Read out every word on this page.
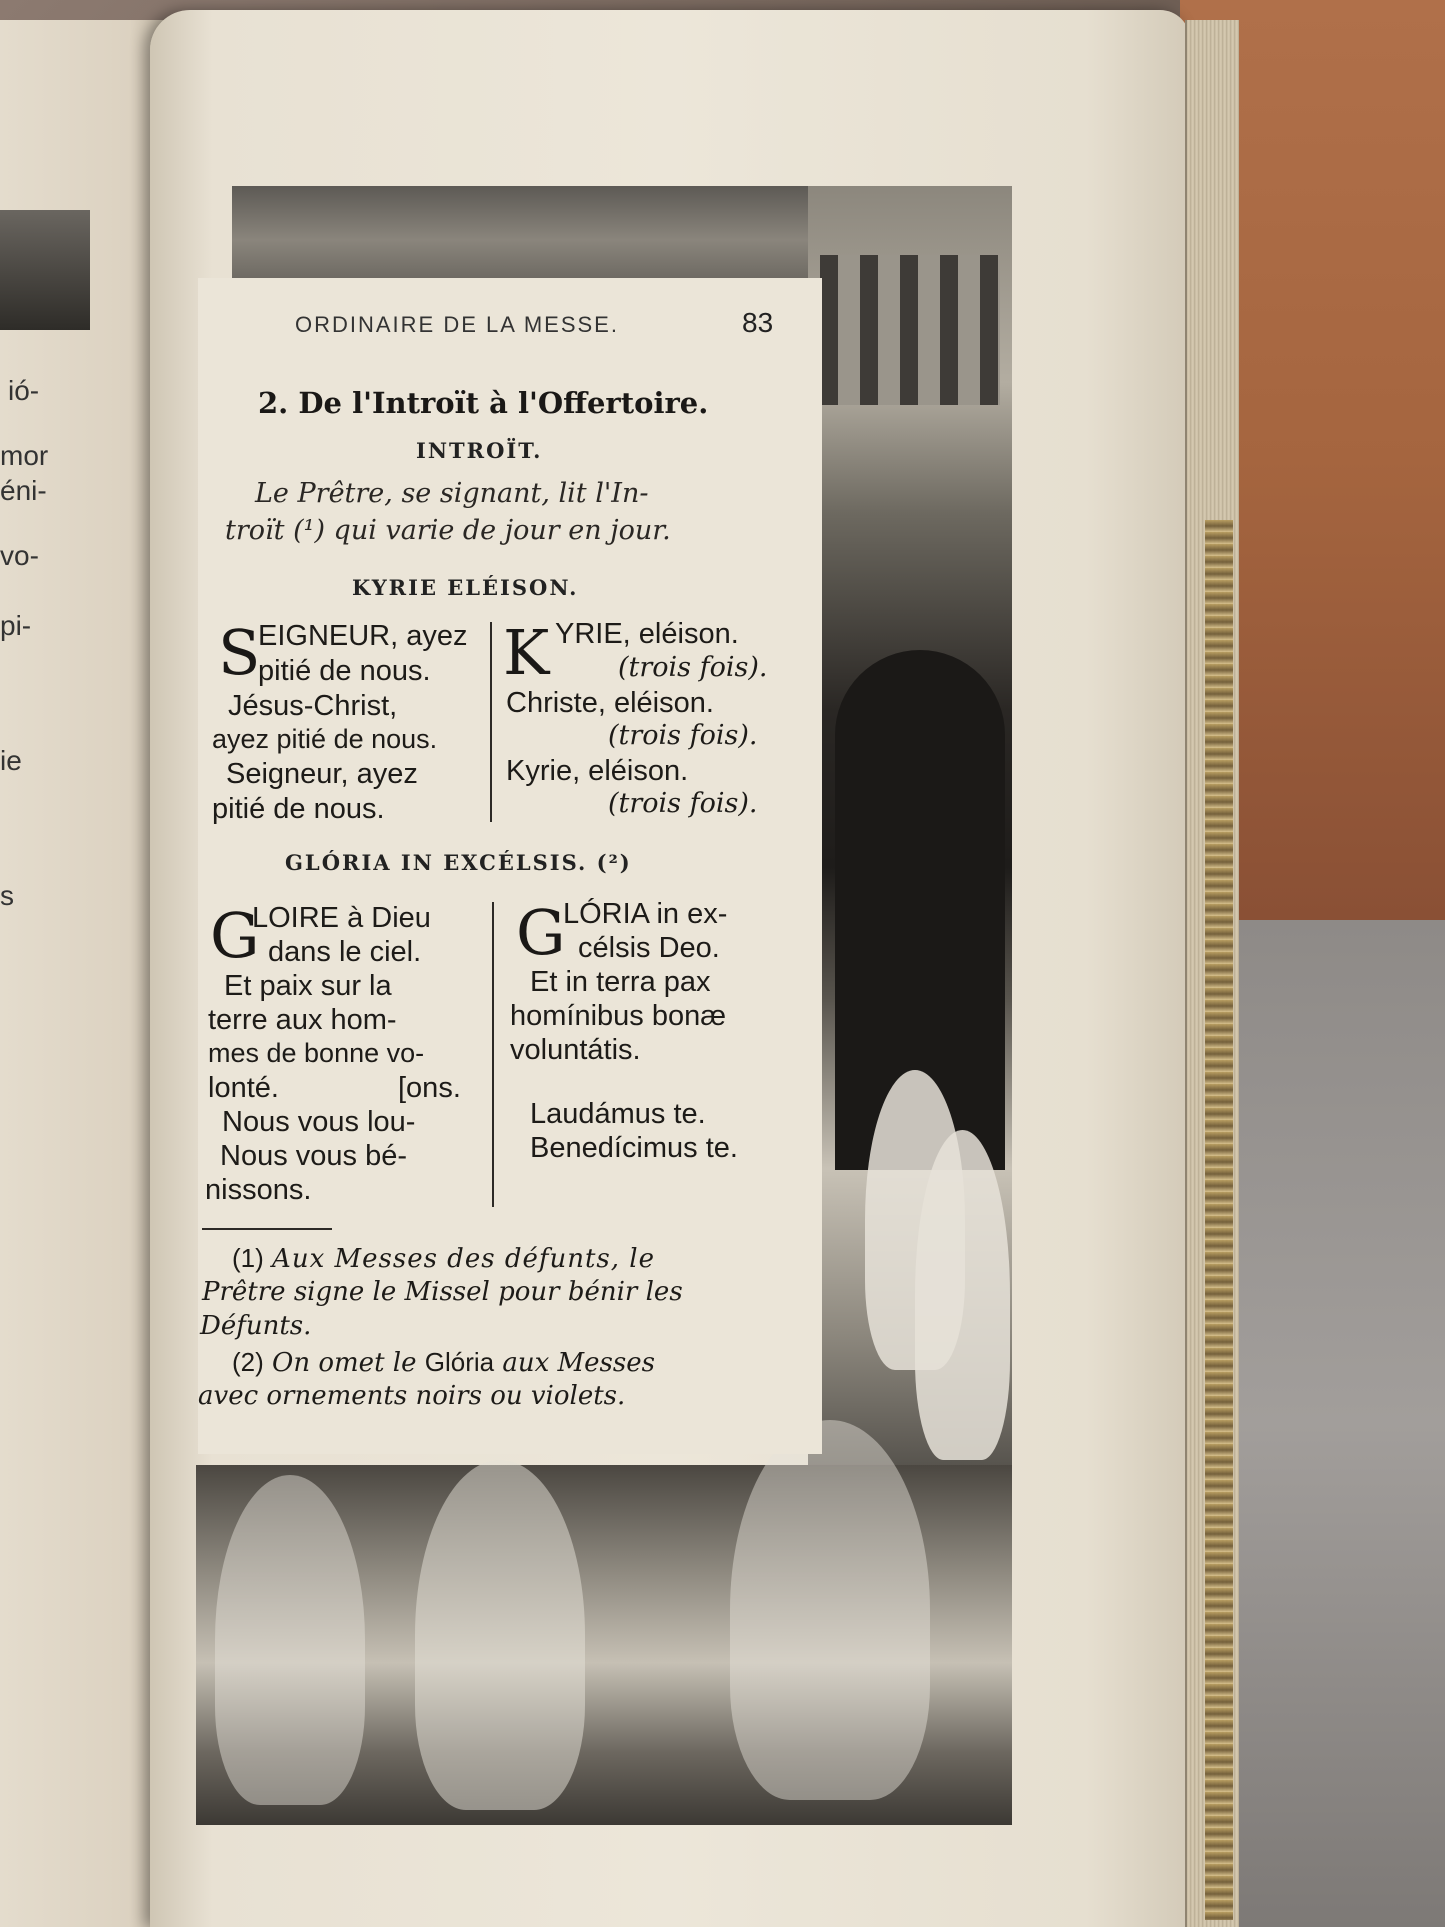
ió-
mor
éni-
vo-
pi-
ie
s
ORDINAIRE DE LA MESSE.	83
2. De l'Introït à l'Offertoire.
INTROÏT.
Le Prêtre, se signant, lit l'In-
troït (¹) qui varie de jour en jour.
KYRIE ELÉISON.
S
EIGNEUR, ayez
pitié de nous.
Jésus-Christ,
ayez pitié de nous.
Seigneur, ayez
pitié de nous.
K YRIE, eléison.
(trois fois).
Christe, eléison.
(trois fois).
Kyrie, eléison.
(trois fois).
GLÓRIA IN EXCÉLSIS. (²)
G
LOIRE à Dieu
dans le ciel.
Et paix sur la
terre aux hom-
mes de bonne vo-
lonté.	[ons.
Nous vous lou-
Nous vous bé-
nissons.
G
LÓRIA in ex-
célsis Deo.
Et in terra pax
homínibus bonæ
voluntátis.
Laudámus te.
Benedícimus te.
(1) Aux Messes des défunts, le
Prêtre signe le Missel pour bénir les
Défunts.
(2) On omet le Glória aux Messes
avec ornements noirs ou violets.
